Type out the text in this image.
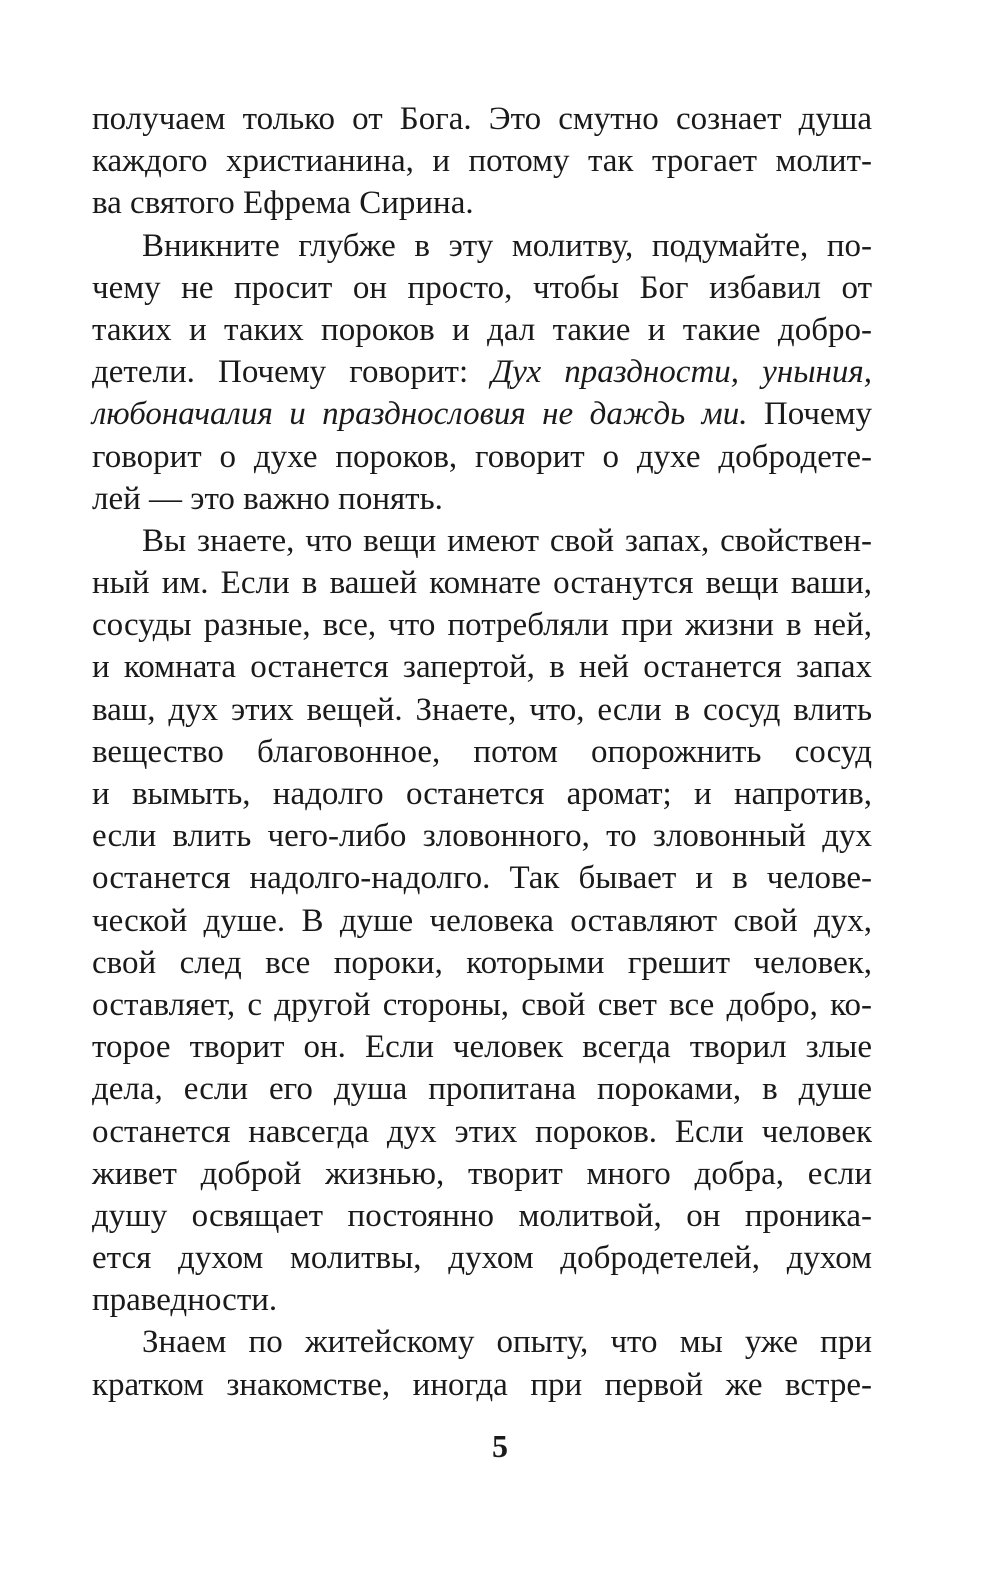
получаем только от Бога. Это смутно сознает душа
каждого христианина, и потому так трогает молит-
ва святого Ефрема Сирина.
Вникните глубже в эту молитву, подумайте, по-
чему не просит он просто, чтобы Бог избавил от
таких и таких пороков и дал такие и такие добро-
детели. Почему говорит: Дух праздности, уныния,
любоначалия и празднословия не даждь ми. Почему
говорит о духе пороков, говорит о духе добродете-
лей — это важно понять.
Вы знаете, что вещи имеют свой запах, свойствен-
ный им. Если в вашей комнате останутся вещи ваши,
сосуды разные, все, что потребляли при жизни в ней,
и комната останется запертой, в ней останется запах
ваш, дух этих вещей. Знаете, что, если в сосуд влить
вещество благовонное, потом опорожнить сосуд
и вымыть, надолго останется аромат; и напротив,
если влить чего-либо зловонного, то зловонный дух
останется надолго-надолго. Так бывает и в челове-
ческой душе. В душе человека оставляют свой дух,
свой след все пороки, которыми грешит человек,
оставляет, с другой стороны, свой свет все добро, ко-
торое творит он. Если человек всегда творил злые
дела, если его душа пропитана пороками, в душе
останется навсегда дух этих пороков. Если человек
живет доброй жизнью, творит много добра, если
душу освящает постоянно молитвой, он проника-
ется духом молитвы, духом добродетелей, духом
праведности.
Знаем по житейскому опыту, что мы уже при
кратком знакомстве, иногда при первой же встре-
5
